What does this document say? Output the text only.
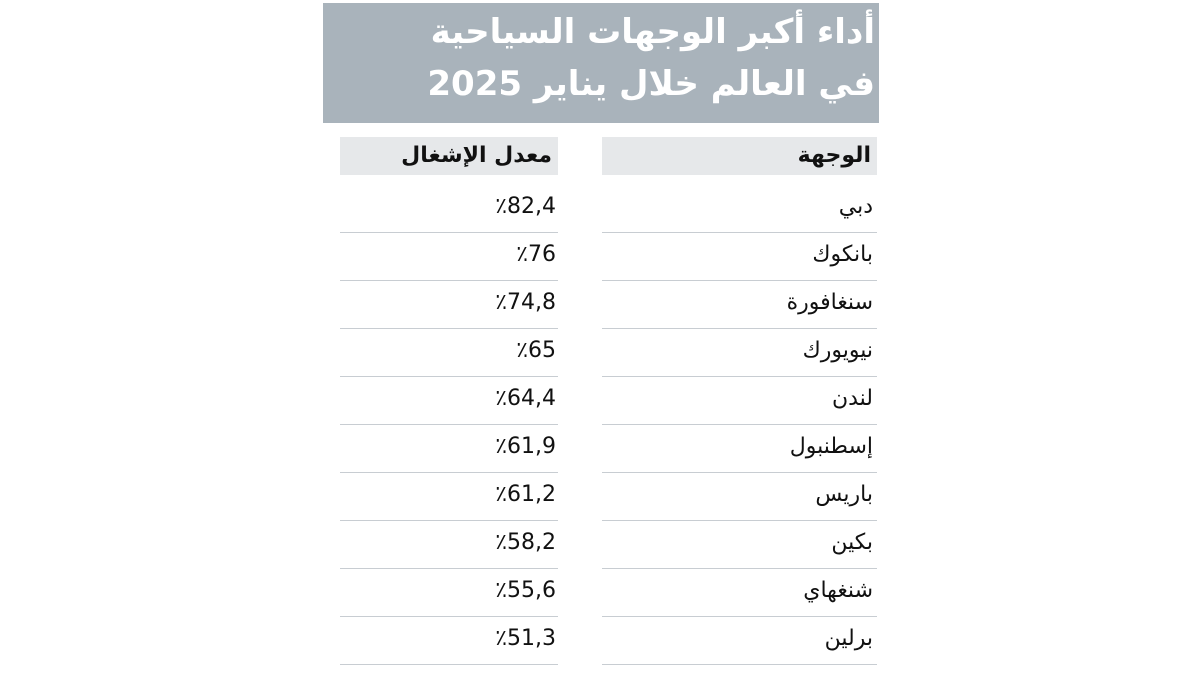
أداء أكبر الوجهات السياحية
في العالم خلال يناير 2025
الوجهة
معدل الإشغال
دبي
٪82,4
بانكوك
٪76
سنغافورة
٪74,8
نيويورك
٪65
لندن
٪64,4
إسطنبول
٪61,9
باريس
٪61,2
بكين
٪58,2
شنغهاي
٪55,6
برلين
٪51,3
